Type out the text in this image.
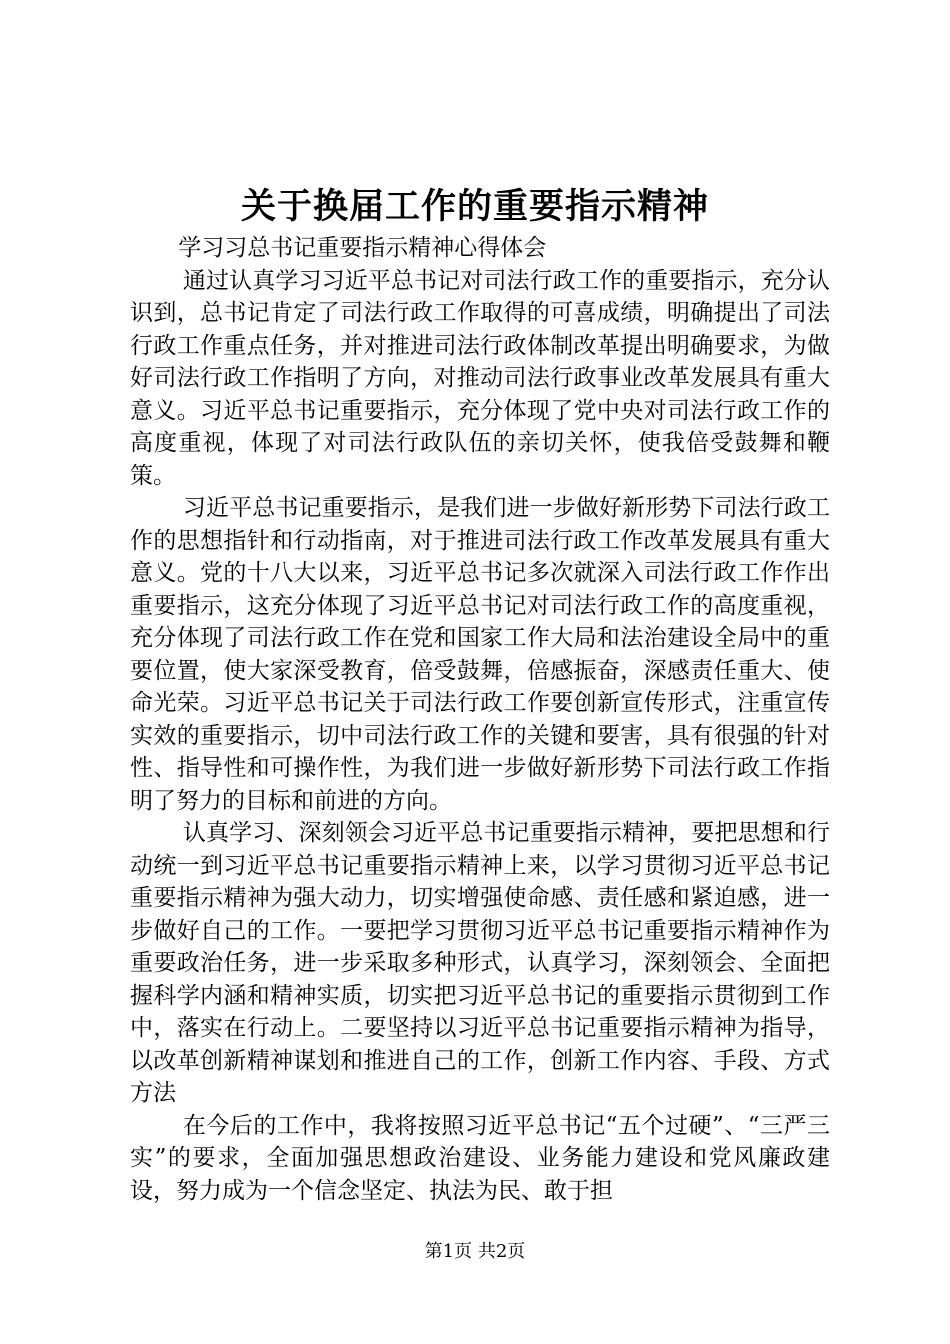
关于换届工作的重要指示精神

学习习总书记重要指示精神心得体会

通过认真学习习近平总书记对司法行政工作的重要指示，充分认识到，总书记肯定了司法行政工作取得的可喜成绩，明确提出了司法行政工作重点任务，并对推进司法行政体制改革提出明确要求，为做好司法行政工作指明了方向，对推动司法行政事业改革发展具有重大意义。习近平总书记重要指示，充分体现了党中央对司法行政工作的高度重视，体现了对司法行政队伍的亲切关怀，使我倍受鼓舞和鞭策。

习近平总书记重要指示，是我们进一步做好新形势下司法行政工作的思想指针和行动指南，对于推进司法行政工作改革发展具有重大意义。党的十八大以来，习近平总书记多次就深入司法行政工作作出重要指示，这充分体现了习近平总书记对司法行政工作的高度重视，充分体现了司法行政工作在党和国家工作大局和法治建设全局中的重要位置，使大家深受教育，倍受鼓舞，倍感振奋，深感责任重大、使命光荣。习近平总书记关于司法行政工作要创新宣传形式，注重宣传实效的重要指示，切中司法行政工作的关键和要害，具有很强的针对性、指导性和可操作性，为我们进一步做好新形势下司法行政工作指明了努力的目标和前进的方向。

认真学习、深刻领会习近平总书记重要指示精神，要把思想和行动统一到习近平总书记重要指示精神上来，以学习贯彻习近平总书记重要指示精神为强大动力，切实增强使命感、责任感和紧迫感，进一步做好自己的工作。一要把学习贯彻习近平总书记重要指示精神作为重要政治任务，进一步采取多种形式，认真学习，深刻领会、全面把握科学内涵和精神实质，切实把习近平总书记的重要指示贯彻到工作中，落实在行动上。二要坚持以习近平总书记重要指示精神为指导，以改革创新精神谋划和推进自己的工作，创新工作内容、手段、方式方法

在今后的工作中，我将按照习近平总书记“五个过硬”、“三严三实”的要求，全面加强思想政治建设、业务能力建设和党风廉政建设，努力成为一个信念坚定、执法为民、敢于担

第1页 共2页
